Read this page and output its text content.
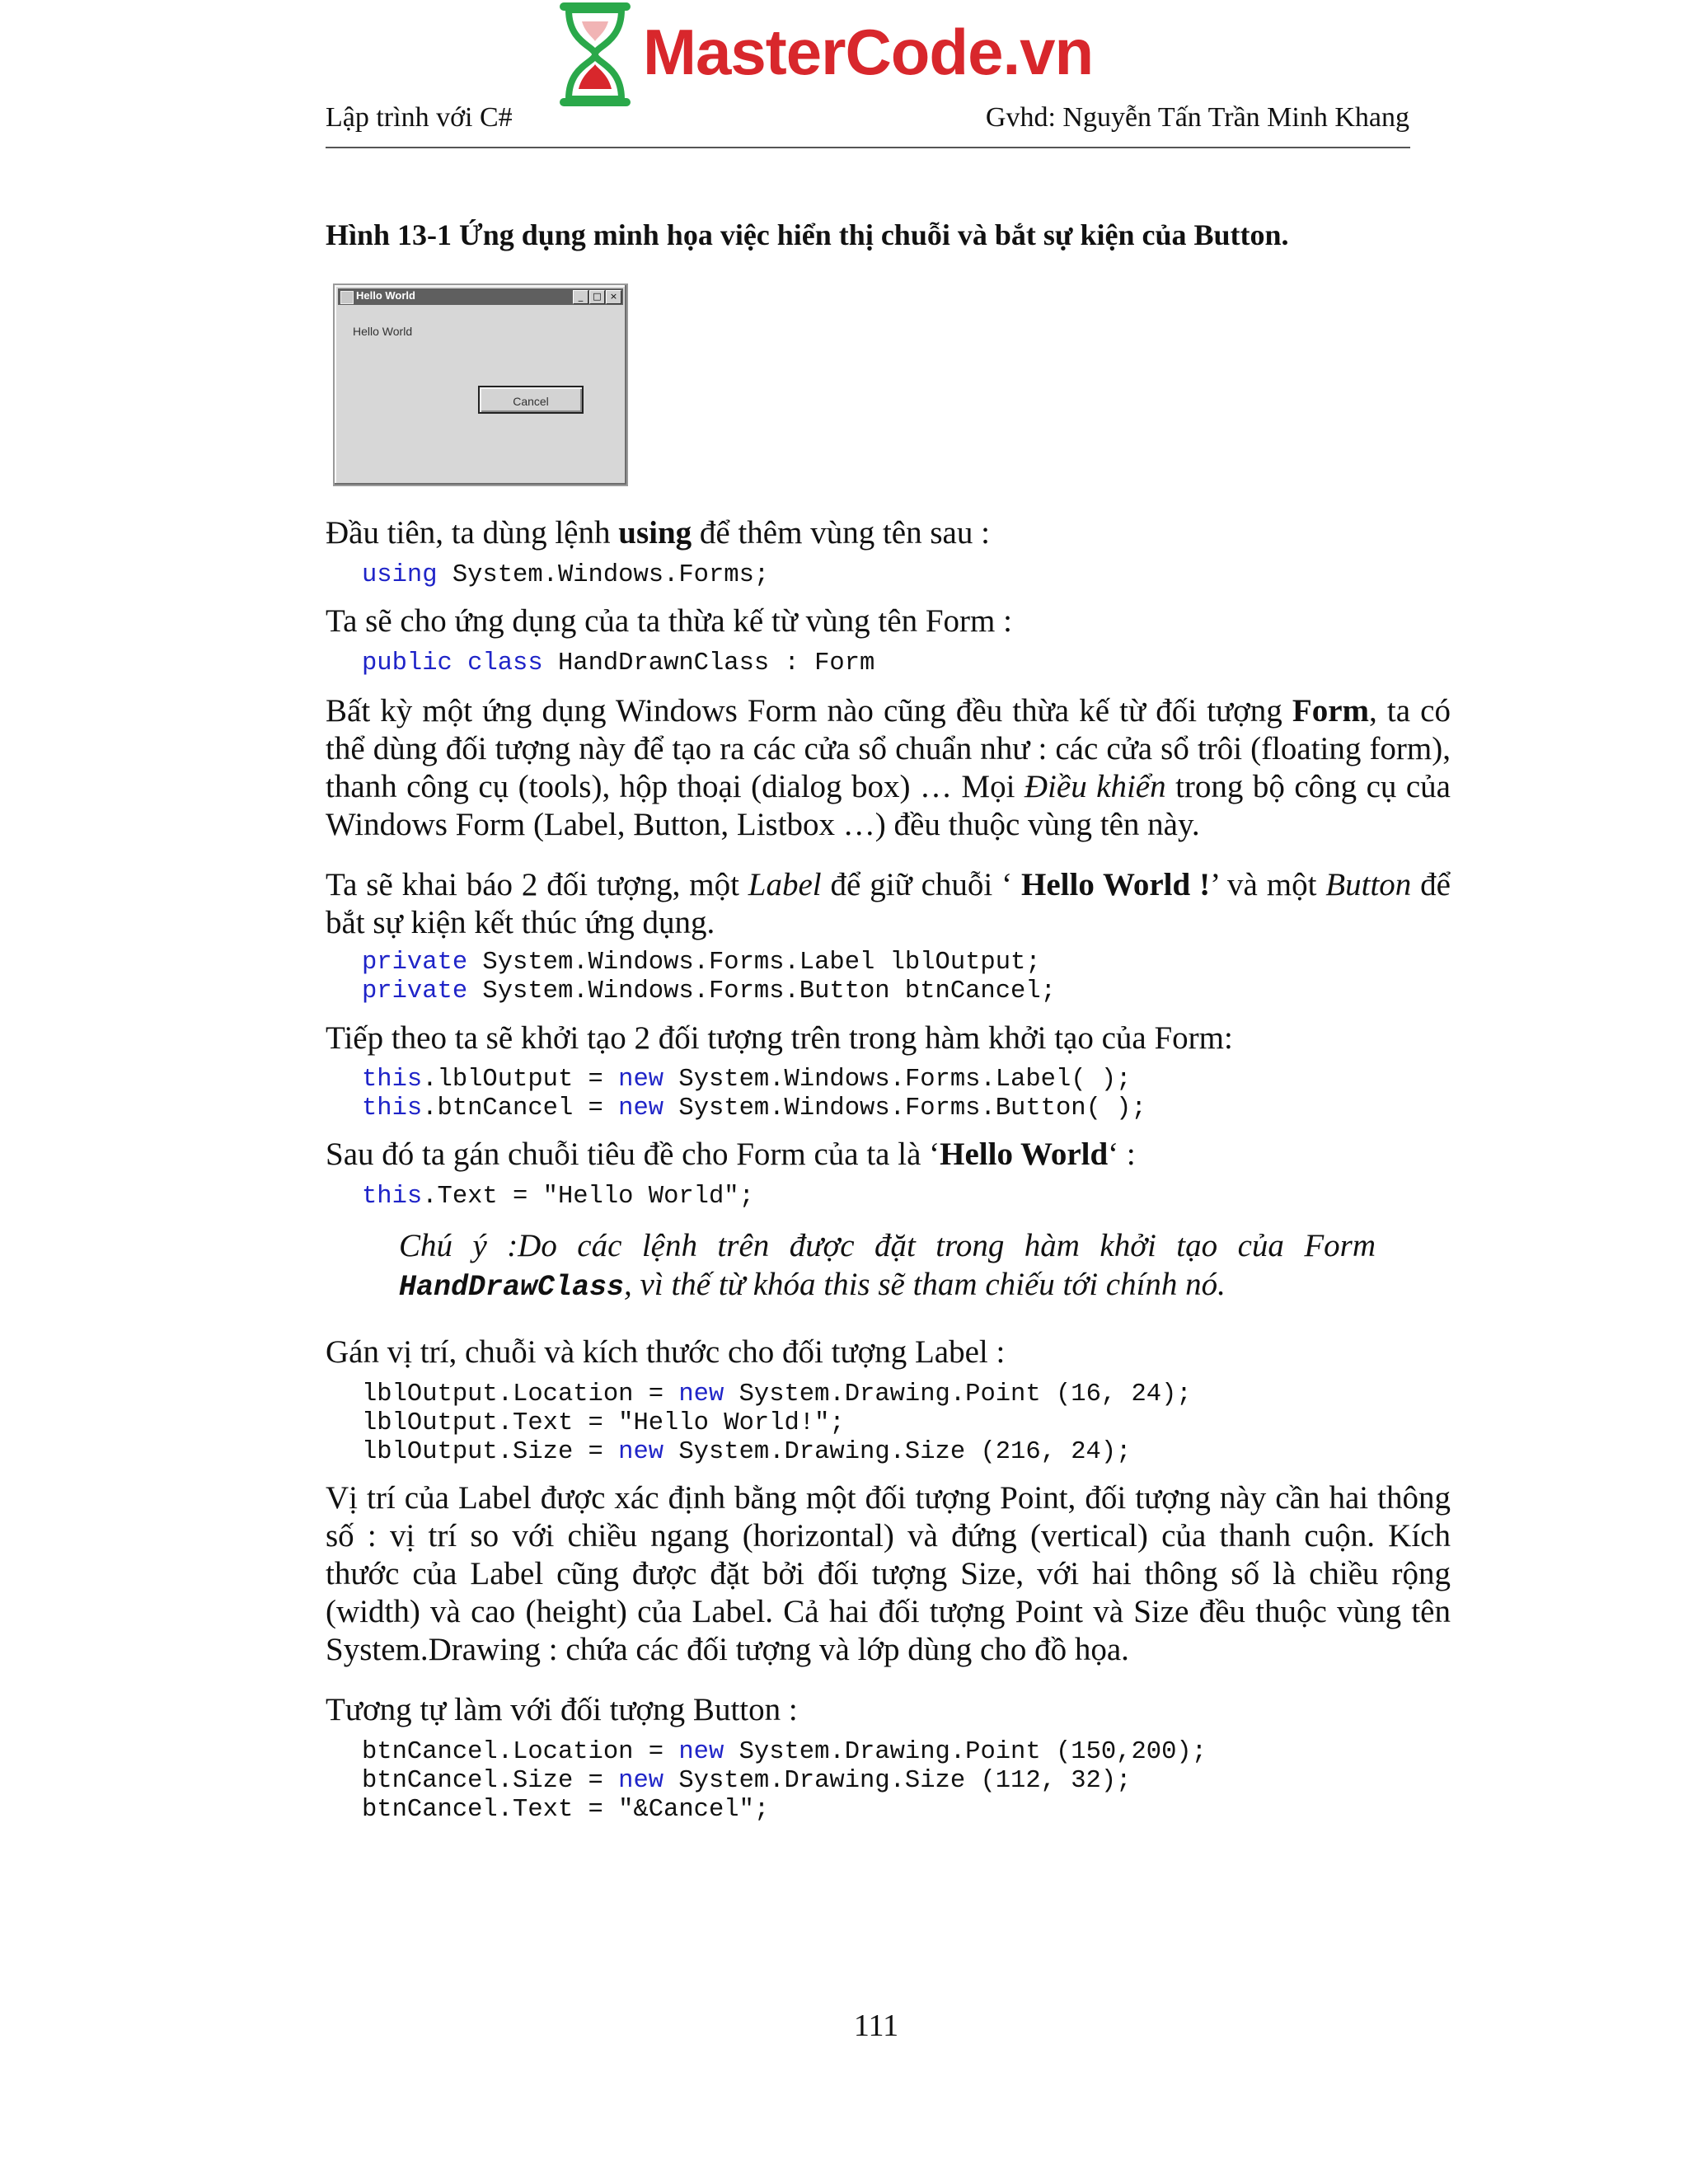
MasterCode.vn
Lập trình với C#	Gvhd: Nguyễn Tấn Trần Minh Khang
Hình 13-1 Ứng dụng minh họa việc hiển thị chuỗi và bắt sự kiện của Button.
Hello World	_	□ ×
Hello World
Cancel

Đầu tiên, ta dùng lệnh using để thêm vùng tên sau :

using System.Windows.Forms;

Ta sẽ cho ứng dụng của ta thừa kế từ vùng tên Form :

public class HandDrawnClass : Form

Bất kỳ một ứng dụng Windows Form nào cũng đều thừa kế từ đối tượng Form, ta có thể dùng đối tượng này để tạo ra các cửa sổ chuẩn như : các cửa sổ trôi (floating form), thanh công cụ (tools), hộp thoại (dialog box) … Mọi Điều khiển trong bộ công cụ của Windows Form (Label, Button, Listbox …) đều thuộc vùng tên này.

Ta sẽ khai báo 2 đối tượng, một Label để giữ chuỗi ‘ Hello World !’ và một Button để bắt sự kiện kết thúc ứng dụng.

private System.Windows.Forms.Label lblOutput;
private System.Windows.Forms.Button btnCancel;

Tiếp theo ta sẽ khởi tạo 2 đối tượng trên trong hàm khởi tạo của Form:

this.lblOutput = new System.Windows.Forms.Label( );
this.btnCancel = new System.Windows.Forms.Button( );

Sau đó ta gán chuỗi tiêu đề cho Form của ta là ‘Hello World‘ :

this.Text = "Hello World";

Chú ý :Do các lệnh trên được đặt trong hàm khởi tạo của Form HandDrawClass, vì thế từ khóa this sẽ tham chiếu tới chính nó.

Gán vị trí, chuỗi và kích thước cho đối tượng Label :

lblOutput.Location = new System.Drawing.Point (16, 24);
lblOutput.Text = "Hello World!";
lblOutput.Size = new System.Drawing.Size (216, 24);

Vị trí của Label được xác định bằng một đối tượng Point, đối tượng này cần hai thông số : vị trí so với chiều ngang (horizontal) và đứng (vertical) của thanh cuộn. Kích thước của Label cũng được đặt bởi đối tượng Size, với hai thông số là chiều rộng (width) và cao (height) của Label. Cả hai đối tượng Point và Size đều thuộc vùng tên System.Drawing : chứa các đối tượng và lớp dùng cho đồ họa.

Tương tự làm với đối tượng Button :

btnCancel.Location = new System.Drawing.Point (150,200);
btnCancel.Size = new System.Drawing.Size (112, 32);
btnCancel.Text = "&Cancel";
111
